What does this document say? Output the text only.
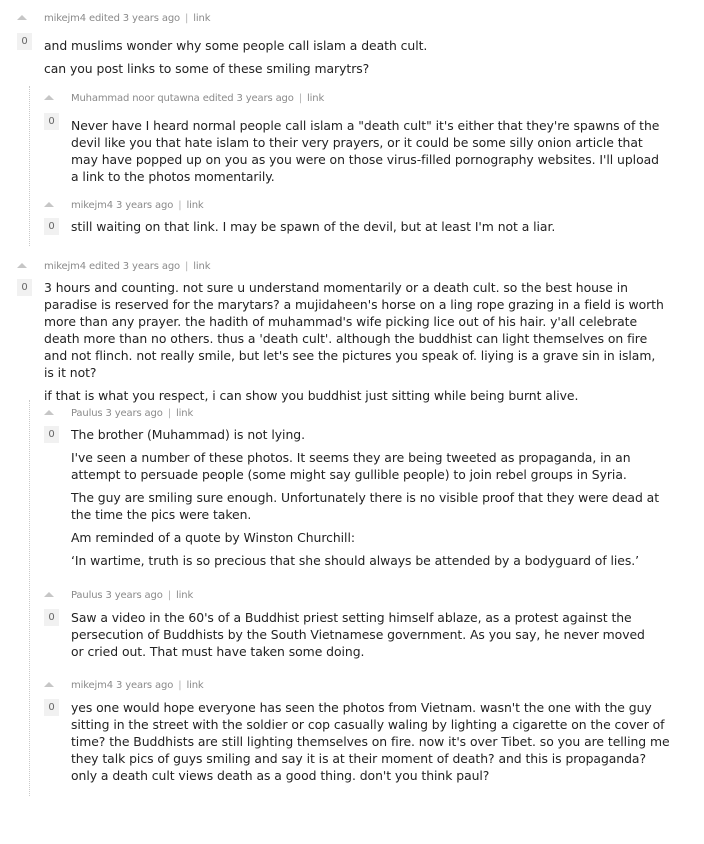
0
mikejm4 edited 3 years ago | link

and muslims wonder why some people call islam a death cult.

can you post links to some of these smiling marytrs?

0
Muhammad noor qutawna edited 3 years ago | link

Never have I heard normal people call islam a "death cult" it's either that they're spawns of the devil like you that hate islam to their very prayers, or it could be some silly onion article that may have popped up on you as you were on those virus-filled pornography websites. I'll upload a link to the photos momentarily.

0
mikejm4 3 years ago | link

still waiting on that link. I may be spawn of the devil, but at least I'm not a liar.

0
mikejm4 edited 3 years ago | link

3 hours and counting. not sure u understand momentarily or a death cult. so the best house in paradise is reserved for the marytars? a mujidaheen's horse on a ling rope grazing in a field is worth more than any prayer. the hadith of muhammad's wife picking lice out of his hair. y'all celebrate death more than no others. thus a 'death cult'. although the buddhist can light themselves on fire and not flinch. not really smile, but let's see the pictures you speak of. liying is a grave sin in islam, is it not?

if that is what you respect, i can show you buddhist just sitting while being burnt alive.

0
Paulus 3 years ago | link

The brother (Muhammad) is not lying.

I've seen a number of these photos. It seems they are being tweeted as propaganda, in an attempt to persuade people (some might say gullible people) to join rebel groups in Syria.

The guy are smiling sure enough. Unfortunately there is no visible proof that they were dead at the time the pics were taken.

Am reminded of a quote by Winston Churchill:

‘In wartime, truth is so precious that she should always be attended by a bodyguard of lies.’

0
Paulus 3 years ago | link

Saw a video in the 60's of a Buddhist priest setting himself ablaze, as a protest against the persecution of Buddhists by the South Vietnamese government. As you say, he never moved or cried out. That must have taken some doing.

0
mikejm4 3 years ago | link

yes one would hope everyone has seen the photos from Vietnam. wasn't the one with the guy sitting in the street with the soldier or cop casually waling by lighting a cigarette on the cover of time? the Buddhists are still lighting themselves on fire. now it's over Tibet. so you are telling me they talk pics of guys smiling and say it is at their moment of death? and this is propaganda? only a death cult views death as a good thing. don't you think paul?
